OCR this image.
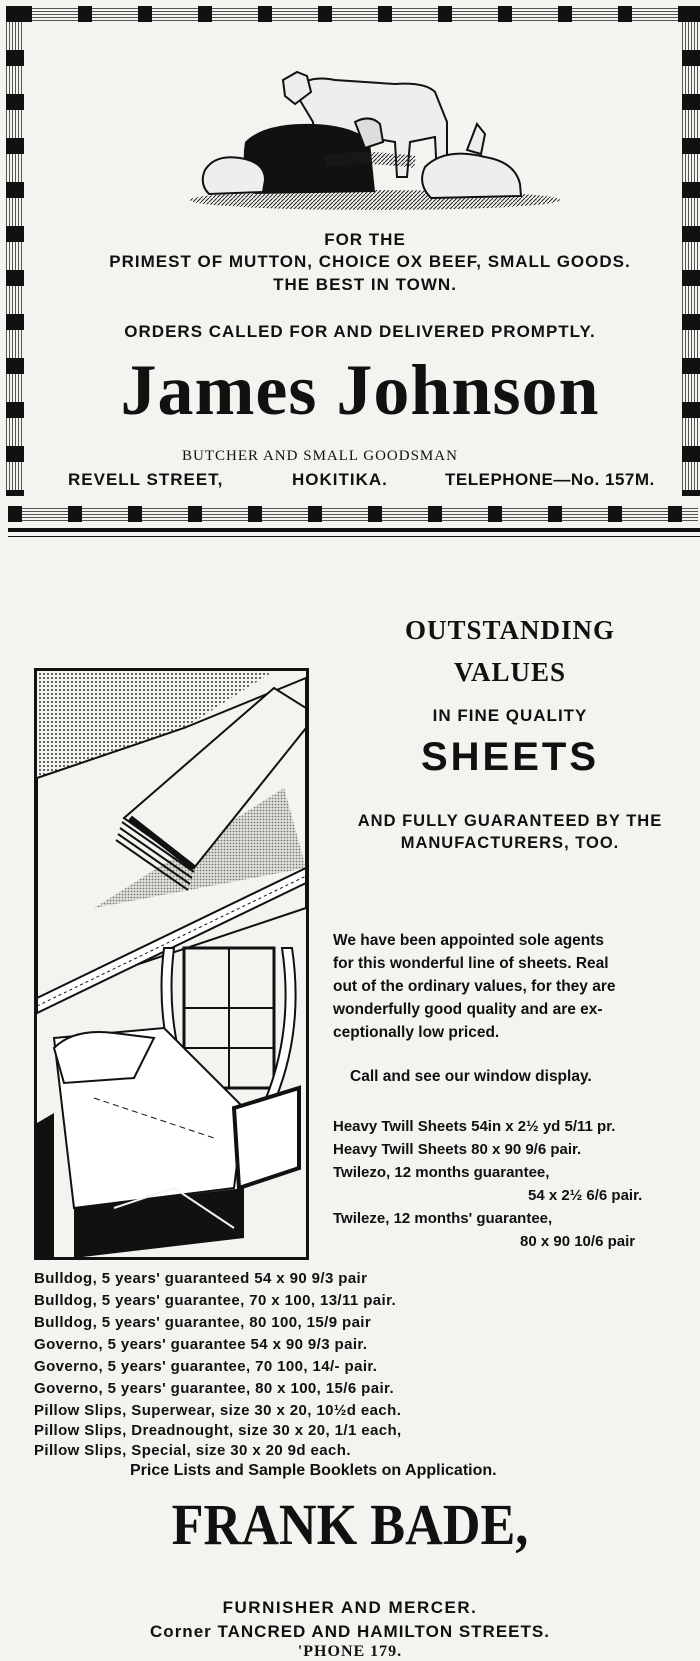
FOR THE
PRIMEST OF MUTTON, CHOICE OX BEEF, SMALL GOODS.
THE BEST IN TOWN.
ORDERS CALLED FOR AND DELIVERED PROMPTLY.
James Johnson
BUTCHER AND SMALL GOODSMAN
REVELL STREET,	HOKITIKA.	TELEPHONE—No. 157M.
OUTSTANDING
VALUES
IN FINE QUALITY
SHEETS
AND FULLY GUARANTEED BY THE
MANUFACTURERS, TOO.
We have been appointed sole agents
for this wonderful line of sheets. Real
out of the ordinary values, for they are
wonderfully good quality and are ex-
ceptionally low priced.
Call and see our window display.
Heavy Twill Sheets 54in x 2½ yd 5/11 pr.
Heavy Twill Sheets 80 x 90 9/6 pair.
Twilezo, 12 months guarantee,
54 x 2½ 6/6 pair.
Twileze, 12 months' guarantee,
80 x 90 10/6 pair
Bulldog, 5 years' guaranteed 54 x 90 9/3 pair
Bulldog, 5 years' guarantee, 70 x 100, 13/11 pair.
Bulldog, 5 years' guarantee, 80 100, 15/9 pair
Governo, 5 years' guarantee 54 x 90 9/3 pair.
Governo, 5 years' guarantee, 70 100, 14/- pair.
Governo, 5 years' guarantee, 80 x 100, 15/6 pair.
Pillow Slips, Superwear, size 30 x 20, 10½d each.
Pillow Slips, Dreadnought, size 30 x 20, 1/1 each,
Pillow Slips, Special, size 30 x 20 9d each.
Price Lists and Sample Booklets on Application.
FRANK BADE,
FURNISHER AND MERCER.
Corner TANCRED AND HAMILTON STREETS.
'PHONE 179.
